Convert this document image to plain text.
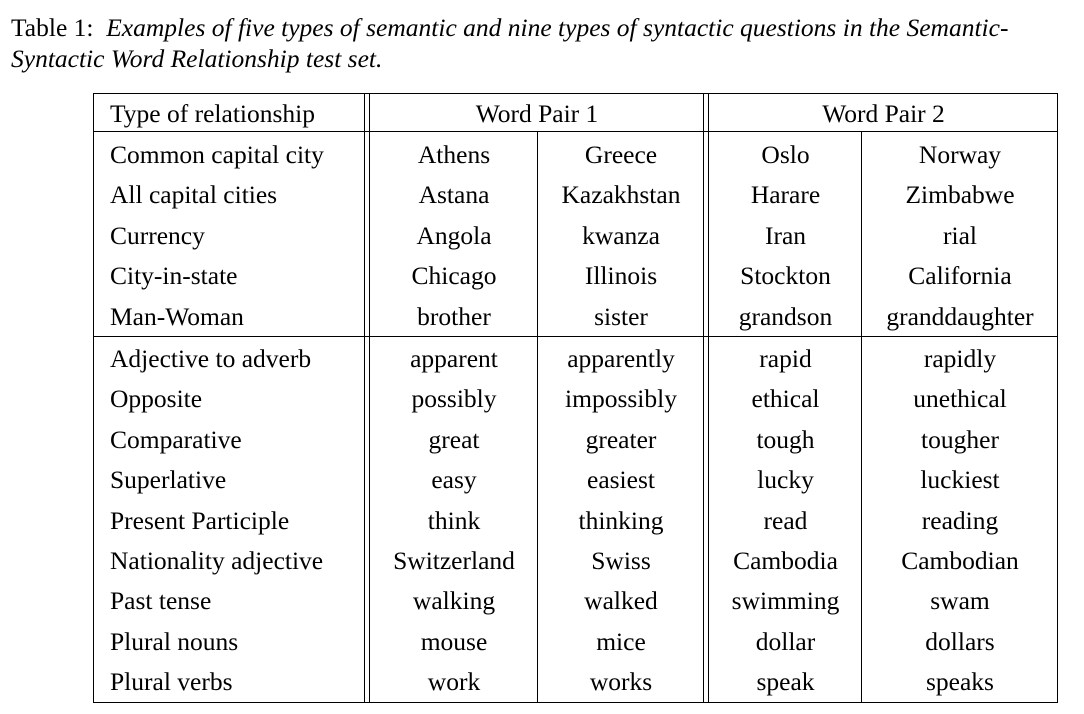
Table 1: Examples of five types of semantic and nine types of syntactic questions in the Semantic-
Syntactic Word Relationship test set.
Type of relationship	Word Pair 1	Word Pair 2
Common capital city	Athens	Greece	Oslo	Norway
All capital cities	Astana	Kazakhstan	Harare	Zimbabwe
Currency	Angola	kwanza	Iran	rial
City-in-state	Chicago	Illinois	Stockton	California
Man-Woman	brother	sister	grandson	granddaughter
Adjective to adverb	apparent	apparently	rapid	rapidly
Opposite	possibly	impossibly	ethical	unethical
Comparative	great	greater	tough	tougher
Superlative	easy	easiest	lucky	luckiest
Present Participle	think	thinking	read	reading
Nationality adjective	Switzerland	Swiss	Cambodia	Cambodian
Past tense	walking	walked	swimming	swam
Plural nouns	mouse	mice	dollar	dollars
Plural verbs	work	works	speak	speaks
